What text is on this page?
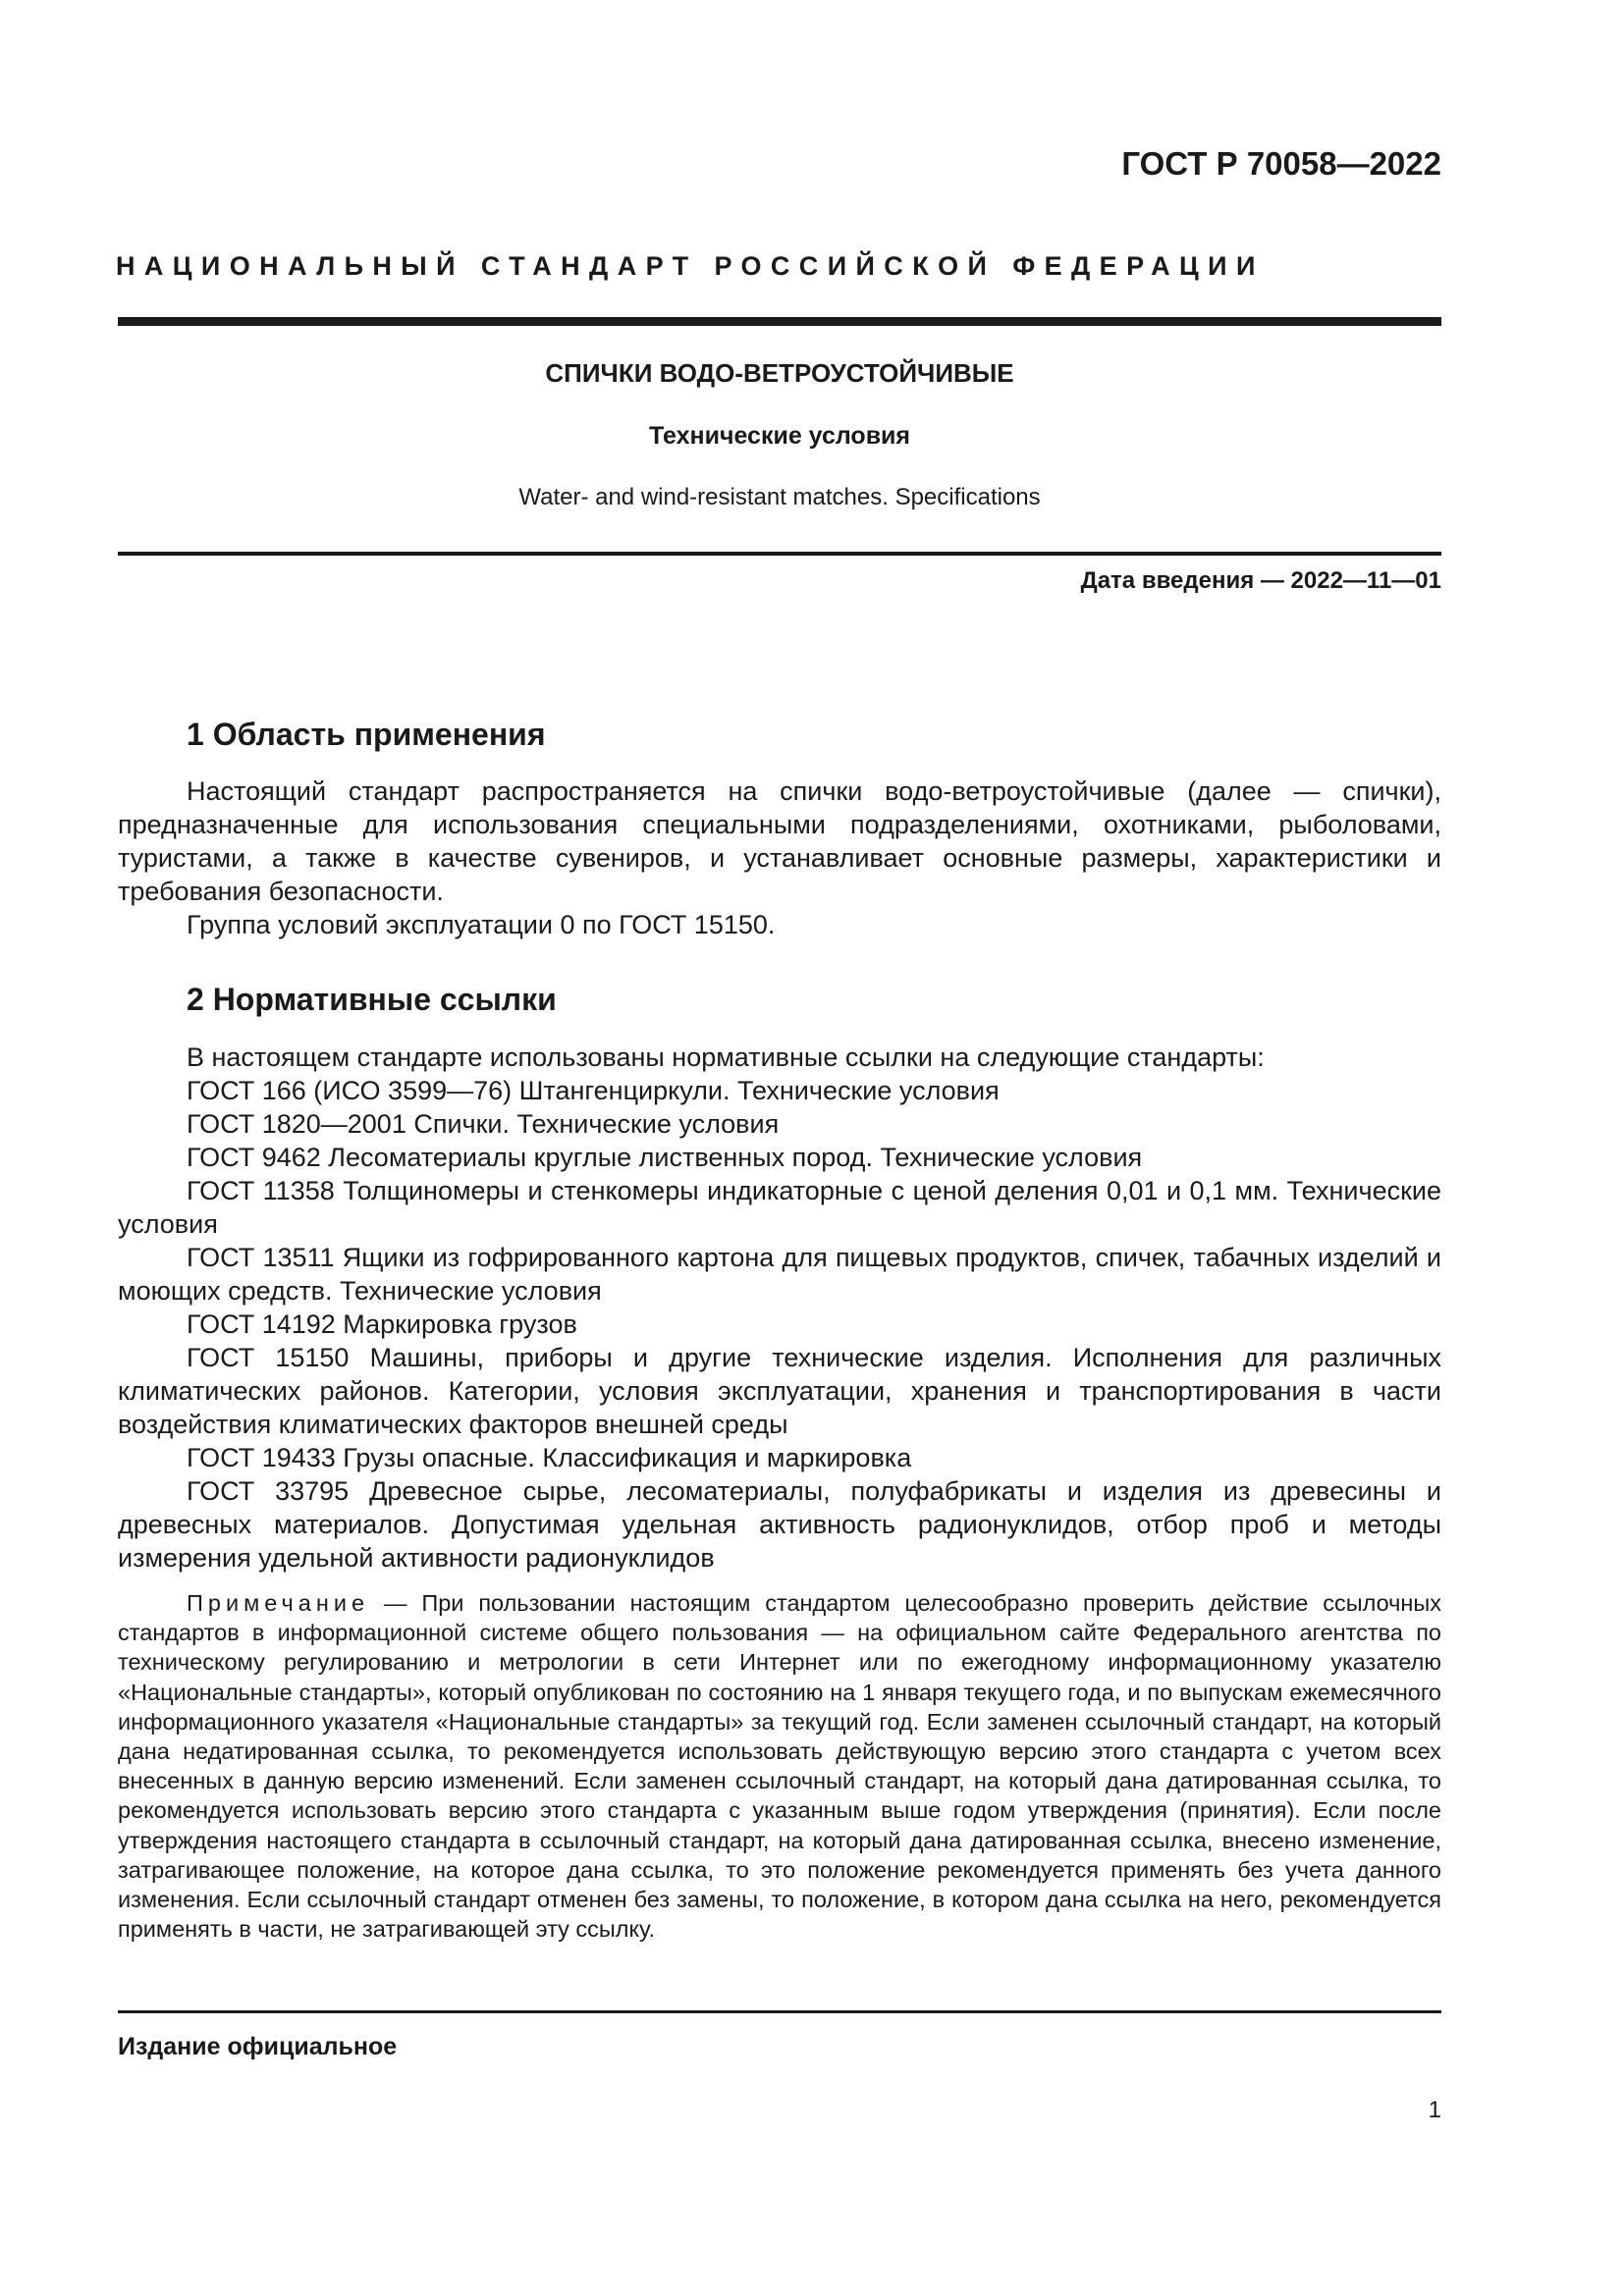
ГОСТ Р 70058—2022
НАЦИОНАЛЬНЫЙ СТАНДАРТ РОССИЙСКОЙ ФЕДЕРАЦИИ
СПИЧКИ ВОДО-ВЕТРОУСТОЙЧИВЫЕ
Технические условия
Water- and wind-resistant matches. Specifications
Дата введения — 2022—11—01
1 Область применения
Настоящий стандарт распространяется на спички водо-ветроустойчивые (далее — спички), предназначенные для использования специальными подразделениями, охотниками, рыболовами, туристами, а также в качестве сувениров, и устанавливает основные размеры, характеристики и требования безопасности.
Группа условий эксплуатации 0 по ГОСТ 15150.
2 Нормативные ссылки
В настоящем стандарте использованы нормативные ссылки на следующие стандарты:
ГОСТ 166 (ИСО 3599—76) Штангенциркули. Технические условия
ГОСТ 1820—2001 Спички. Технические условия
ГОСТ 9462 Лесоматериалы круглые лиственных пород. Технические условия
ГОСТ 11358 Толщиномеры и стенкомеры индикаторные с ценой деления 0,01 и 0,1 мм. Технические условия
ГОСТ 13511 Ящики из гофрированного картона для пищевых продуктов, спичек, табачных изделий и моющих средств. Технические условия
ГОСТ 14192 Маркировка грузов
ГОСТ 15150 Машины, приборы и другие технические изделия. Исполнения для различных климатических районов. Категории, условия эксплуатации, хранения и транспортирования в части воздействия климатических факторов внешней среды
ГОСТ 19433 Грузы опасные. Классификация и маркировка
ГОСТ 33795 Древесное сырье, лесоматериалы, полуфабрикаты и изделия из древесины и древесных материалов. Допустимая удельная активность радионуклидов, отбор проб и методы измерения удельной активности радионуклидов
Примечание — При пользовании настоящим стандартом целесообразно проверить действие ссылочных стандартов в информационной системе общего пользования — на официальном сайте Федерального агентства по техническому регулированию и метрологии в сети Интернет или по ежегодному информационному указателю «Национальные стандарты», который опубликован по состоянию на 1 января текущего года, и по выпускам ежемесячного информационного указателя «Национальные стандарты» за текущий год. Если заменен ссылочный стандарт, на который дана недатированная ссылка, то рекомендуется использовать действующую версию этого стандарта с учетом всех внесенных в данную версию изменений. Если заменен ссылочный стандарт, на который дана датированная ссылка, то рекомендуется использовать версию этого стандарта с указанным выше годом утверждения (принятия). Если после утверждения настоящего стандарта в ссылочный стандарт, на который дана датированная ссылка, внесено изменение, затрагивающее положение, на которое дана ссылка, то это положение рекомендуется применять без учета данного изменения. Если ссылочный стандарт отменен без замены, то положение, в котором дана ссылка на него, рекомендуется применять в части, не затрагивающей эту ссылку.
Издание официальное
1
